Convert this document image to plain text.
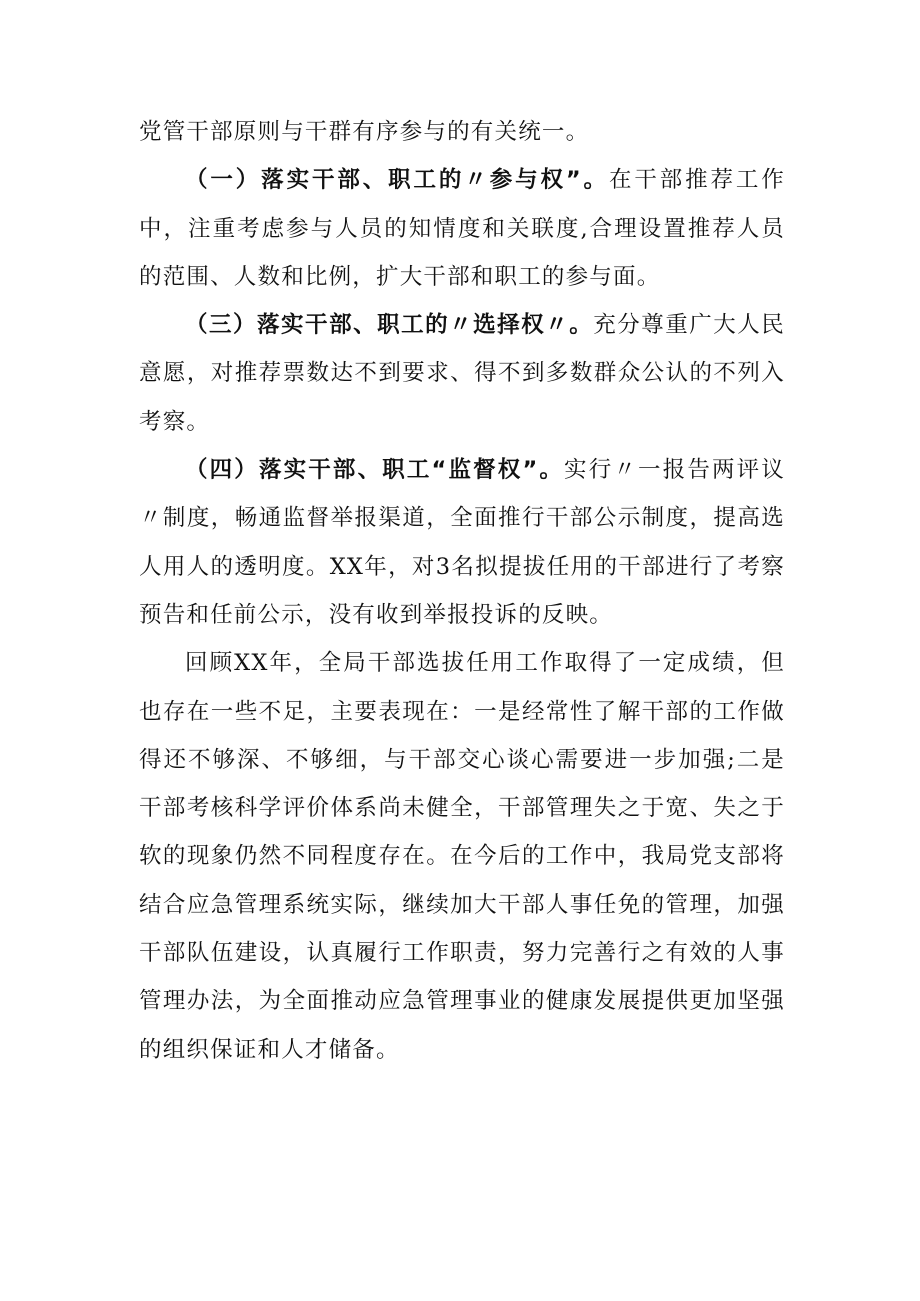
党管干部原则与干群有序参与的有关统一。

（一）落实干部、职工的〃参与权”。在干部推荐工作中，注重考虑参与人员的知情度和关联度,合理设置推荐人员的范围、人数和比例，扩大干部和职工的参与面。

（三）落实干部、职工的〃选择权〃。充分尊重广大人民意愿，对推荐票数达不到要求、得不到多数群众公认的不列入考察。

（四）落实干部、职工“监督权”。实行〃一报告两评议〃制度，畅通监督举报渠道，全面推行干部公示制度，提高选人用人的透明度。XX年，对3名拟提拔任用的干部进行了考察预告和任前公示，没有收到举报投诉的反映。

回顾XX年，全局干部选拔任用工作取得了一定成绩，但也存在一些不足，主要表现在：一是经常性了解干部的工作做得还不够深、不够细，与干部交心谈心需要进一步加强;二是干部考核科学评价体系尚未健全，干部管理失之于宽、失之于软的现象仍然不同程度存在。在今后的工作中，我局党支部将结合应急管理系统实际，继续加大干部人事任免的管理，加强干部队伍建设，认真履行工作职责，努力完善行之有效的人事管理办法，为全面推动应急管理事业的健康发展提供更加坚强的组织保证和人才储备。
